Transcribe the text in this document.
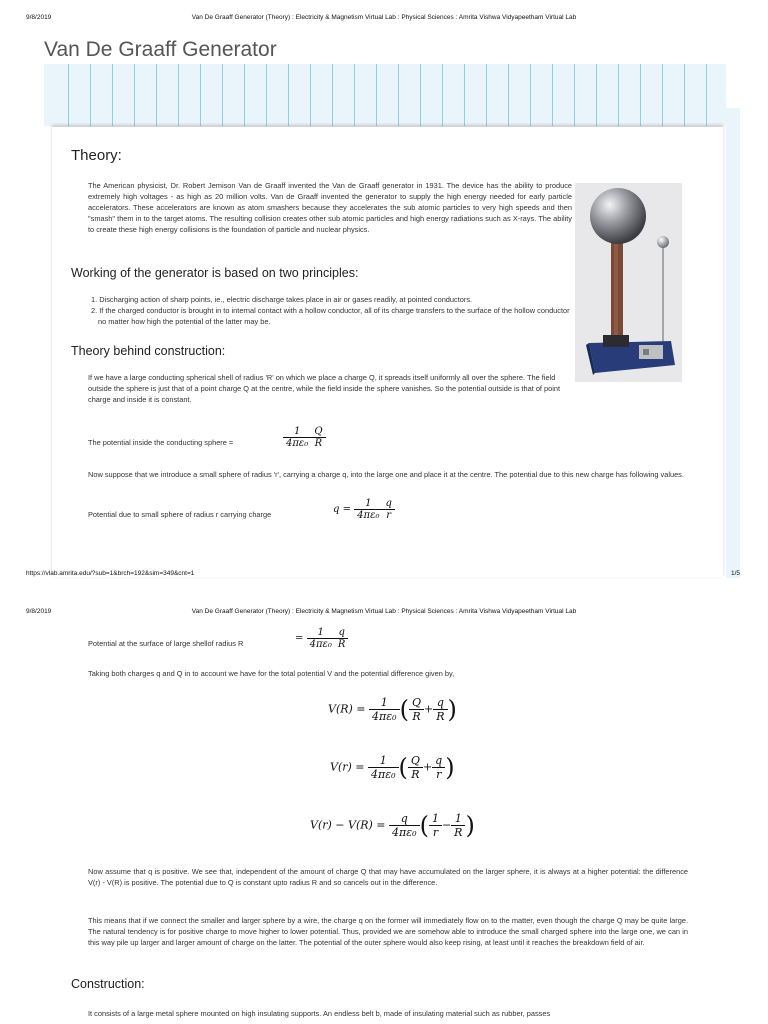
9/8/2019	Van De Graaff Generator (Theory) : Electricity & Magnetism Virtual Lab : Physical Sciences : Amrita Vishwa Vidyapeetham Virtual Lab
Van De Graaff Generator
Theory:

The American physicist, Dr. Robert Jemison Van de Graaff invented the Van de Graaff generator in 1931. The device has the ability to produce extremely high voltages - as high as 20 million volts. Van de Graaff invented the generator to supply the high energy needed for early particle accelerators. These accelerators are known as atom smashers because they accelerates the sub atomic particles to very high speeds and then "smash" them in to the target atoms. The resulting collision creates other sub atomic particles and high energy radiations such as X-rays. The ability to create these high energy collisions is the foundation of particle and nuclear physics.

Working of the generator is based on two principles:
1. Discharging action of sharp points, ie., electric discharge takes place in air or gases readily, at pointed conductors.
2. If the charged conductor is brought in to internal contact with a hollow conductor, all of its charge transfers to the surface of the hollow conductor no matter how high the potential of the latter may be.
Theory behind construction:

If we have a large conducting spherical shell of radius 'R' on which we place a charge Q, it spreads itself uniformly all over the sphere. The field outside the sphere is just that of a point charge Q at the centre, while the field inside the sphere vanishes. So the potential outside is that of point charge and inside it is constant.

The potential inside the conducting sphere =	$\frac{1}{\text{4πε₀}} \frac{Q}{R}$

Now suppose that we introduce a small sphere of radius 'r', carrying a charge q, into the large one and place it at the centre. The potential due to this new charge has following values.

Potential due to small sphere of radius r carrying charge	$q = \frac{1}{\text{4πε₀}} \frac{q}{r}$
https://vlab.amrita.edu/?sub=1&brch=192&sim=349&cnt=1	1/5
9/8/2019	Van De Graaff Generator (Theory) : Electricity & Magnetism Virtual Lab : Physical Sciences : Amrita Vishwa Vidyapeetham Virtual Lab
Potential at the surface of large shellof radius R	= $\frac{1}{\text{4πε₀}} \frac{q}{R}$

Taking both charges q and Q in to account we have for the total potential V and the potential difference given by,

$V(R) = \frac{1}{\text{4πε₀}}$ ( $\frac{Q}{R} + \frac{q}{R}$ )
$V(r) = \frac{1}{\text{4πε₀}}$ ( $\frac{Q}{R} + \frac{q}{r}$ )
$V(r) - V(R) = \frac{q}{\text{4πε₀}}$ ( $\frac{1}{r} - \frac{1}{R}$ )

Now assume that q is positive. We see that, independent of the amount of charge Q that may have accumulated on the larger sphere, it is always at a higher potential: the difference V(r) - V(R) is positive. The potential due to Q is constant upto radius R and so cancels out in the difference.

This means that if we connect the smaller and larger sphere by a wire, the charge q on the former will immediately flow on to the matter, even though the charge Q may be quite large. The natural tendency is for positive charge to move higher to lower potential. Thus, provided we are somehow able to introduce the small charged sphere into the large one, we can in this way pile up larger and larger amount of charge on the latter. The potential of the outer sphere would also keep rising, at least until it reaches the breakdown field of air.

Construction:

It consists of a large metal sphere mounted on high insulating supports. An endless belt b, made of insulating material such as rubber, passes
